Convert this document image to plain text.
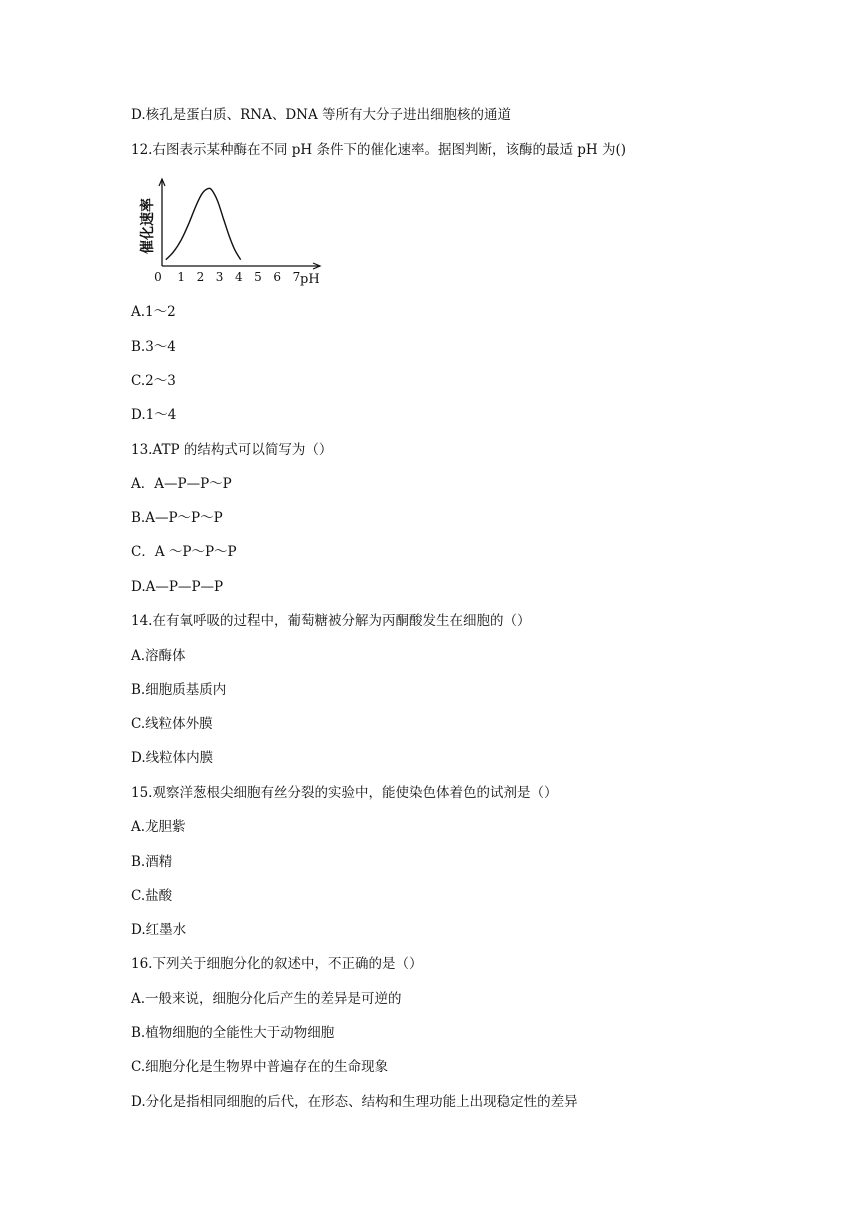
D.核孔是蛋白质、RNA、DNA 等所有大分子进出细胞核的通道
12.右图表示某种酶在不同 pH 条件下的催化速率。据图判断，该酶的最适 pH 为()
0 1 2 3 4 5 6 7
催化速率
pH
A.1～2
B.3～4
C.2～3
D.1～4
13.ATP 的结构式可以简写为（）
A．A—P—P～P
B.A—P～P～P
C．A ～P～P～P
D.A—P—P—P
14.在有氧呼吸的过程中，葡萄糖被分解为丙酮酸发生在细胞的（）
A.溶酶体
B.细胞质基质内
C.线粒体外膜
D.线粒体内膜
15.观察洋葱根尖细胞有丝分裂的实验中，能使染色体着色的试剂是（）
A.龙胆紫
B.酒精
C.盐酸
D.红墨水
16.下列关于细胞分化的叙述中，不正确的是（）
A.一般来说，细胞分化后产生的差异是可逆的
B.植物细胞的全能性大于动物细胞
C.细胞分化是生物界中普遍存在的生命现象
D.分化是指相同细胞的后代，在形态、结构和生理功能上出现稳定性的差异
